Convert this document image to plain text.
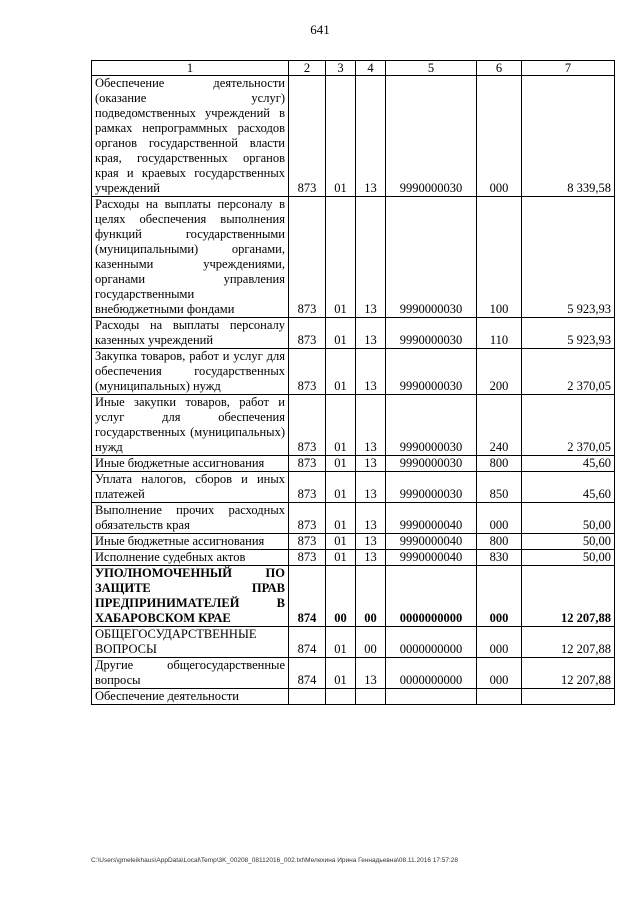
641
1	2	3	4	5	6	7
Обеспечение деятельности (оказание услуг) подведомственных учреждений в рамках непрограммных расходов органов государственной власти края, государственных органов края и краевых государственных учреждений	873	01	13	9990000030	000	8 339,58
Расходы на выплаты персоналу в целях обеспечения выполнения функций государственными (муниципальными) органами, казенными учреждениями, органами управления государственными внебюджетными фондами	873	01	13	9990000030	100	5 923,93
Расходы на выплаты персоналу казенных учреждений	873	01	13	9990000030	110	5 923,93
Закупка товаров, работ и услуг для обеспечения государственных (муниципальных) нужд	873	01	13	9990000030	200	2 370,05
Иные закупки товаров, работ и услуг для обеспечения государственных (муниципальных) нужд	873	01	13	9990000030	240	2 370,05
Иные бюджетные ассигнования	873	01	13	9990000030	800	45,60
Уплата налогов, сборов и иных платежей	873	01	13	9990000030	850	45,60
Выполнение прочих расходных обязательств края	873	01	13	9990000040	000	50,00
Иные бюджетные ассигнования	873	01	13	9990000040	800	50,00
Исполнение судебных актов	873	01	13	9990000040	830	50,00
УПОЛНОМОЧЕННЫЙ ПО ЗАЩИТЕ ПРАВ ПРЕДПРИНИМАТЕЛЕЙ В ХАБАРОВСКОМ КРАЕ	874	00	00	0000000000	000	12 207,88
ОБЩЕГОСУДАРСТВЕННЫЕ ВОПРОСЫ	874	01	00	0000000000	000	12 207,88
Другие общегосударственные вопросы	874	01	13	0000000000	000	12 207,88
Обеспечение деятельности						
C:\Users\gmeleikhaus\AppData\Local\Temp\3K_00208_08112016_002.txt\Мелехина Ирина Геннадьевна\08.11.2016 17:57:28
